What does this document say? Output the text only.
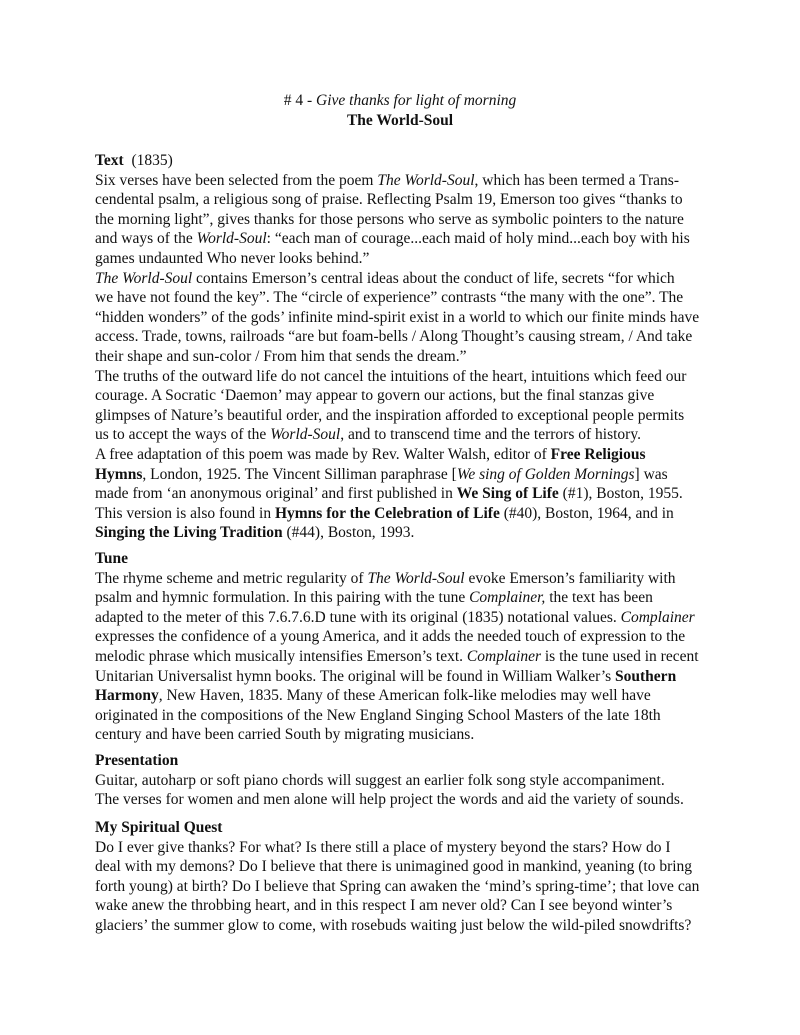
# 4 - Give thanks for light of morning
The World-Soul
Text (1835)
Six verses have been selected from the poem The World-Soul, which has been termed a Trans-
cendental psalm, a religious song of praise. Reflecting Psalm 19, Emerson too gives “thanks to
the morning light”, gives thanks for those persons who serve as symbolic pointers to the nature
and ways of the World-Soul: “each man of courage...each maid of holy mind...each boy with his
games undaunted Who never looks behind.”
The World-Soul contains Emerson’s central ideas about the conduct of life, secrets “for which
we have not found the key”. The “circle of experience” contrasts “the many with the one”. The
“hidden wonders” of the gods’ infinite mind-spirit exist in a world to which our finite minds have
access. Trade, towns, railroads “are but foam-bells / Along Thought’s causing stream, / And take
their shape and sun-color / From him that sends the dream.”
The truths of the outward life do not cancel the intuitions of the heart, intuitions which feed our
courage. A Socratic ‘Daemon’ may appear to govern our actions, but the final stanzas give
glimpses of Nature’s beautiful order, and the inspiration afforded to exceptional people permits
us to accept the ways of the World-Soul, and to transcend time and the terrors of history.
A free adaptation of this poem was made by Rev. Walter Walsh, editor of Free Religious
Hymns, London, 1925. The Vincent Silliman paraphrase [We sing of Golden Mornings] was
made from ‘an anonymous original’ and first published in We Sing of Life (#1), Boston, 1955.
This version is also found in Hymns for the Celebration of Life (#40), Boston, 1964, and in
Singing the Living Tradition (#44), Boston, 1993.
Tune
The rhyme scheme and metric regularity of The World-Soul evoke Emerson’s familiarity with
psalm and hymnic formulation. In this pairing with the tune Complainer, the text has been
adapted to the meter of this 7.6.7.6.D tune with its original (1835) notational values. Complainer
expresses the confidence of a young America, and it adds the needed touch of expression to the
melodic phrase which musically intensifies Emerson’s text. Complainer is the tune used in recent
Unitarian Universalist hymn books. The original will be found in William Walker’s Southern
Harmony, New Haven, 1835. Many of these American folk-like melodies may well have
originated in the compositions of the New England Singing School Masters of the late 18th
century and have been carried South by migrating musicians.
Presentation
Guitar, autoharp or soft piano chords will suggest an earlier folk song style accompaniment.
The verses for women and men alone will help project the words and aid the variety of sounds.
My Spiritual Quest
Do I ever give thanks? For what? Is there still a place of mystery beyond the stars? How do I
deal with my demons? Do I believe that there is unimagined good in mankind, yeaning (to bring
forth young) at birth? Do I believe that Spring can awaken the ‘mind’s spring-time’; that love can
wake anew the throbbing heart, and in this respect I am never old? Can I see beyond winter’s
glaciers’ the summer glow to come, with rosebuds waiting just below the wild-piled snowdrifts?
